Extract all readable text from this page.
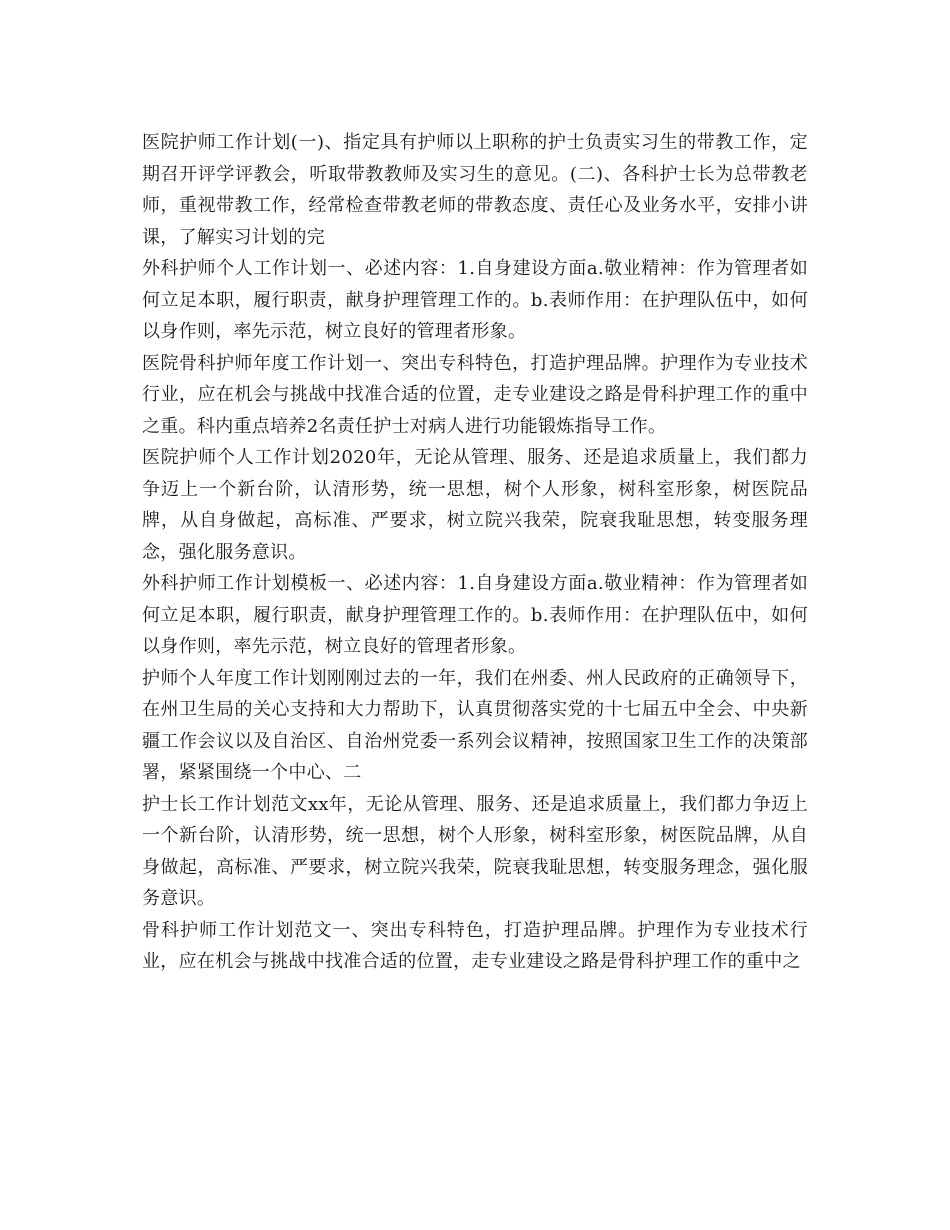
医院护师工作计划(一)、指定具有护师以上职称的护士负责实习生的带教工作，定期召开评学评教会，听取带教教师及实习生的意见。(二)、各科护士长为总带教老师，重视带教工作，经常检查带教老师的带教态度、责任心及业务水平，安排小讲课，了解实习计划的完

外科护师个人工作计划一、必述内容：1.自身建设方面a.敬业精神：作为管理者如何立足本职，履行职责，献身护理管理工作的。b.表师作用：在护理队伍中，如何以身作则，率先示范，树立良好的管理者形象。

医院骨科护师年度工作计划一、突出专科特色，打造护理品牌。护理作为专业技术行业，应在机会与挑战中找准合适的位置，走专业建设之路是骨科护理工作的重中之重。科内重点培养2名责任护士对病人进行功能锻炼指导工作。

医院护师个人工作计划2020年，无论从管理、服务、还是追求质量上，我们都力争迈上一个新台阶，认清形势，统一思想，树个人形象，树科室形象，树医院品牌，从自身做起，高标准、严要求，树立院兴我荣，院衰我耻思想，转变服务理念，强化服务意识。

外科护师工作计划模板一、必述内容：1.自身建设方面a.敬业精神：作为管理者如何立足本职，履行职责，献身护理管理工作的。b.表师作用：在护理队伍中，如何以身作则，率先示范，树立良好的管理者形象。

护师个人年度工作计划刚刚过去的一年，我们在州委、州人民政府的正确领导下，在州卫生局的关心支持和大力帮助下，认真贯彻落实党的十七届五中全会、中央新疆工作会议以及自治区、自治州党委一系列会议精神，按照国家卫生工作的决策部署，紧紧围绕一个中心、二

护士长工作计划范文xx年，无论从管理、服务、还是追求质量上，我们都力争迈上一个新台阶，认清形势，统一思想，树个人形象，树科室形象，树医院品牌，从自身做起，高标准、严要求，树立院兴我荣，院衰我耻思想，转变服务理念，强化服务意识。

骨科护师工作计划范文一、突出专科特色，打造护理品牌。护理作为专业技术行业，应在机会与挑战中找准合适的位置，走专业建设之路是骨科护理工作的重中之
